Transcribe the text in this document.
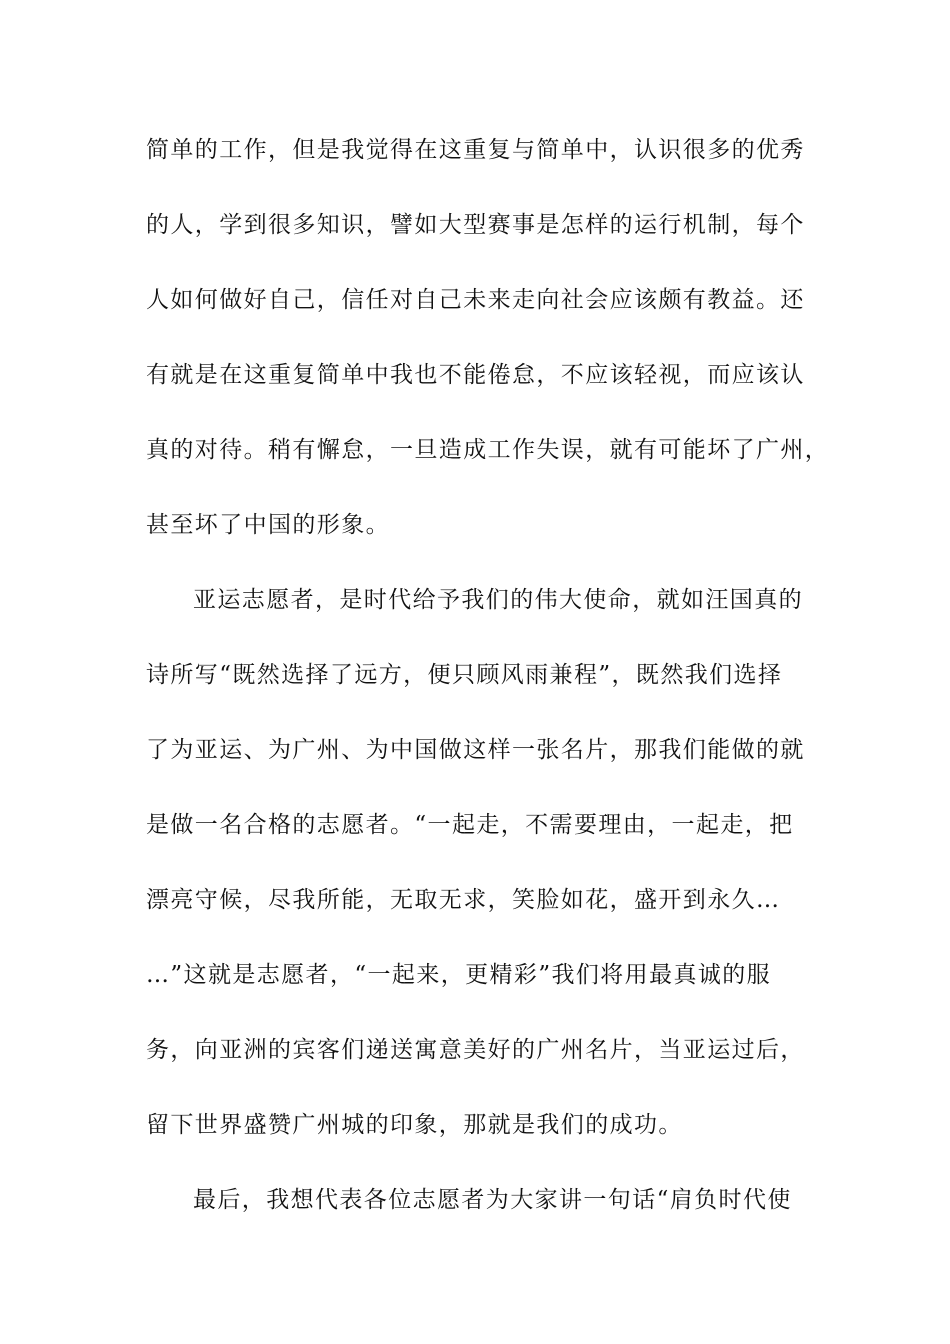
简单的工作，但是我觉得在这重复与简单中，认识很多的优秀
的人，学到很多知识，譬如大型赛事是怎样的运行机制，每个
人如何做好自己，信任对自己未来走向社会应该颇有教益。还
有就是在这重复简单中我也不能倦怠，不应该轻视，而应该认
真的对待。稍有懈怠，一旦造成工作失误，就有可能坏了广州，
甚至坏了中国的形象。
亚运志愿者，是时代给予我们的伟大使命，就如汪国真的
诗所写“既然选择了远方，便只顾风雨兼程”，既然我们选择
了为亚运、为广州、为中国做这样一张名片，那我们能做的就
是做一名合格的志愿者。“一起走，不需要理由，一起走，把
漂亮守候，尽我所能，无取无求，笑脸如花，盛开到永久…
…”这就是志愿者，“一起来，更精彩”我们将用最真诚的服
务，向亚洲的宾客们递送寓意美好的广州名片，当亚运过后，
留下世界盛赞广州城的印象，那就是我们的成功。
最后，我想代表各位志愿者为大家讲一句话“肩负时代使
